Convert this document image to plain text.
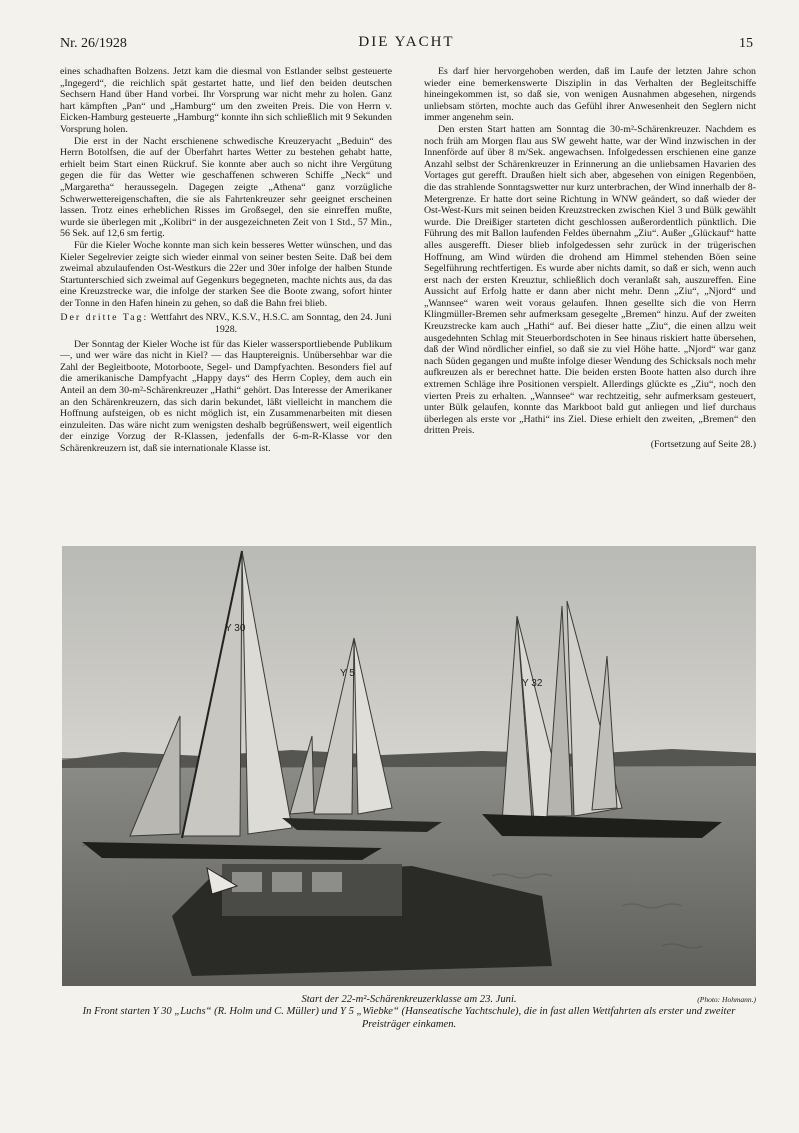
Nr. 26/1928	DIE YACHT	15

eines schadhaften Bolzens. Jetzt kam die diesmal von Estlander selbst gesteuerte „Ingegerd“, die reichlich spät gestartet hatte, und lief den beiden deutschen Sechsern Hand über Hand vorbei. Ihr Vorsprung war nicht mehr zu holen. Ganz hart kämpften „Pan“ und „Hamburg“ um den zweiten Preis. Die von Herrn v. Eicken-Hamburg gesteuerte „Hamburg“ konnte ihn sich schließlich mit 9 Sekunden Vorsprung holen.

Die erst in der Nacht erschienene schwedische Kreuzeryacht „Beduin“ des Herrn Botolfsen, die auf der Überfahrt hartes Wetter zu bestehen gehabt hatte, erhielt beim Start einen Rückruf. Sie konnte aber auch so nicht ihre Vergütung gegen die für das Wetter wie geschaffenen schweren Schiffe „Neck“ und „Margaretha“ heraussegeln. Dagegen zeigte „Athena“ ganz vorzügliche Schwerwettereigenschaften, die sie als Fahrtenkreuzer sehr geeignet erscheinen lassen. Trotz eines erheblichen Risses im Großsegel, den sie einreffen mußte, wurde sie überlegen mit „Kolibri“ in der ausgezeichneten Zeit von 1 Std., 57 Min., 56 Sek. auf 12,6 sm fertig.

Für die Kieler Woche konnte man sich kein besseres Wetter wünschen, und das Kieler Segelrevier zeigte sich wieder einmal von seiner besten Seite. Daß bei dem zweimal abzulaufenden Ost-Westkurs die 22er und 30er infolge der halben Stunde Startunterschied sich zweimal auf Gegenkurs begegneten, machte nichts aus, da das eine Kreuzstrecke war, die infolge der starken See die Boote zwang, sofort hinter der Tonne in den Hafen hinein zu gehen, so daß die Bahn frei blieb.

Der dritte Tag: Wettfahrt des NRV., K.S.V., H.S.C. am Sonntag, den 24. Juni 1928.

Der Sonntag der Kieler Woche ist für das Kieler wassersportliebende Publikum —, und wer wäre das nicht in Kiel? — das Hauptereignis. Unübersehbar war die Zahl der Begleitboote, Motorboote, Segel- und Dampfyachten. Besonders fiel auf die amerikanische Dampfyacht „Happy days“ des Herrn Copley, dem auch ein Anteil an dem 30-m²-Schärenkreuzer „Hathi“ gehört. Das Interesse der Amerikaner an den Schärenkreuzern, das sich darin bekundet, läßt vielleicht in manchem die Hoffnung aufsteigen, ob es nicht möglich ist, ein Zusammenarbeiten mit diesen einzuleiten. Das wäre nicht zum wenigsten deshalb begrüßenswert, weil eigentlich der einzige Vorzug der R-Klassen, jedenfalls der 6-m-R-Klasse vor den Schärenkreuzern ist, daß sie internationale Klasse ist.

Es darf hier hervorgehoben werden, daß im Laufe der letzten Jahre schon wieder eine bemerkenswerte Disziplin in das Verhalten der Begleitschiffe hineingekommen ist, so daß sie, von wenigen Ausnahmen abgesehen, nirgends unliebsam störten, mochte auch das Gefühl ihrer Anwesenheit den Seglern nicht immer angenehm sein.

Den ersten Start hatten am Sonntag die 30-m²-Schärenkreuzer. Nachdem es noch früh am Morgen flau aus SW geweht hatte, war der Wind inzwischen in der Innenförde auf über 8 m/Sek. angewachsen. Infolgedessen erschienen eine ganze Anzahl selbst der Schärenkreuzer in Erinnerung an die unliebsamen Havarien des Vortages gut gerefft. Draußen hielt sich aber, abgesehen von einigen Regenböen, die das strahlende Sonntagswetter nur kurz unterbrachen, der Wind innerhalb der 8-Metergrenze. Er hatte dort seine Richtung in WNW geändert, so daß wieder der Ost-West-Kurs mit seinen beiden Kreuzstrecken zwischen Kiel 3 und Bülk gewählt wurde. Die Dreißiger starteten dicht geschlossen außerordentlich pünktlich. Die Führung des mit Ballon laufenden Feldes übernahm „Ziu“. Außer „Glückauf“ hatte alles ausgerefft. Dieser blieb infolgedessen sehr zurück in der trügerischen Hoffnung, am Wind würden die drohend am Himmel stehenden Böen seine Segelführung rechtfertigen. Es wurde aber nichts damit, so daß er sich, wenn auch erst nach der ersten Kreuztur, schließlich doch veranlaßt sah, auszureffen. Eine Aussicht auf Erfolg hatte er dann aber nicht mehr. Denn „Ziu“, „Njord“ und „Wannsee“ waren weit voraus gelaufen. Ihnen gesellte sich die von Herrn Klingmüller-Bremen sehr aufmerksam gesegelte „Bremen“ hinzu. Auf der zweiten Kreuzstrecke kam auch „Hathi“ auf. Bei dieser hatte „Ziu“, die einen allzu weit ausgedehnten Schlag mit Steuerbordschoten in See hinaus riskiert hatte übersehen, daß der Wind nördlicher einfiel, so daß sie zu viel Höhe hatte. „Njord“ war ganz nach Süden gegangen und mußte infolge dieser Wendung des Schicksals noch mehr aufkreuzen als er berechnet hatte. Die beiden ersten Boote hatten also durch ihre extremen Schläge ihre Positionen verspielt. Allerdings glückte es „Ziu“, noch den vierten Preis zu erhalten. „Wannsee“ war rechtzeitig, sehr aufmerksam gesteuert, unter Bülk gelaufen, konnte das Markboot bald gut anliegen und lief durchaus überlegen als erste vor „Hathi“ ins Ziel. Diese erhielt den zweiten, „Bremen“ den dritten Preis.

(Fortsetzung auf Seite 28.)
Y 30
Y 5
Y 32
(Photo: Hohmann.)
Start der 22-m²-Schärenkreuzerklasse am 23. Juni.
In Front starten Y 30 „Luchs“ (R. Holm und C. Müller) und Y 5 „Wiebke“ (Hanseatische Yachtschule), die in fast allen Wettfahrten als erster und zweiter Preisträger einkamen.
